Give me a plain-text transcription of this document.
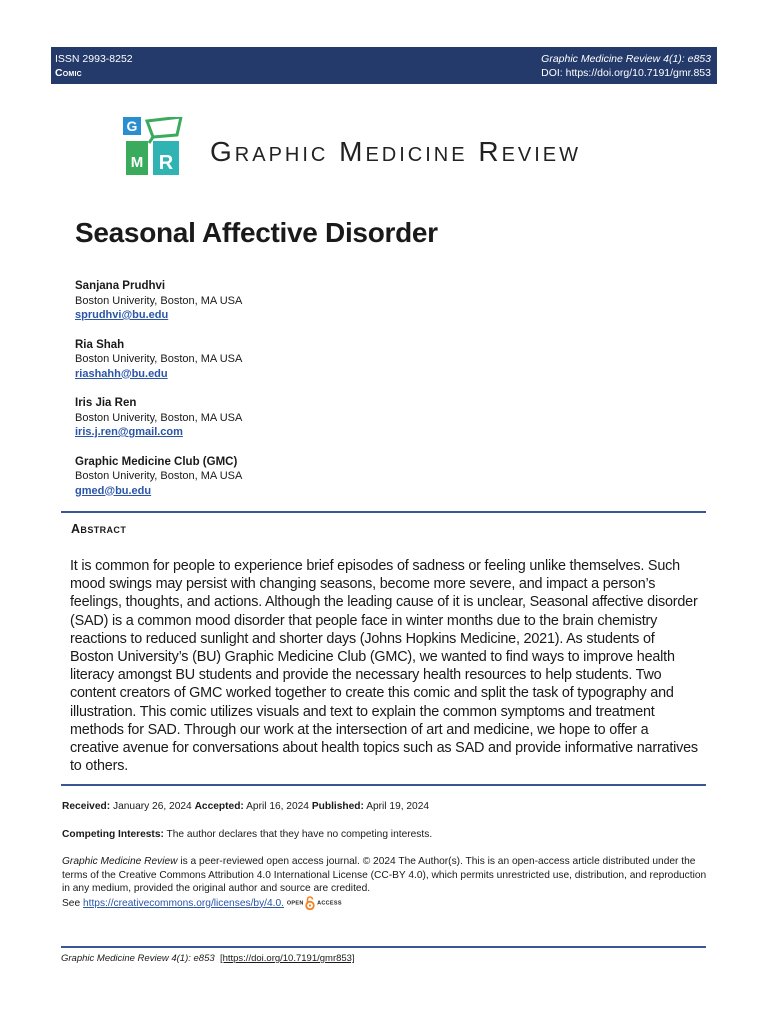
ISSN 2993-8252
Comic
Graphic Medicine Review 4(1): e853
DOI: https://doi.org/10.7191/gmr.853
G
M R Graphic Medicine Review
Seasonal Affective Disorder
Sanjana Prudhvi
Boston Univerity, Boston, MA USA
sprudhvi@bu.edu
Ria Shah
Boston Univerity, Boston, MA USA
riashahh@bu.edu
Iris Jia Ren
Boston Univerity, Boston, MA USA
iris.j.ren@gmail.com
Graphic Medicine Club (GMC)
Boston Univerity, Boston, MA USA
gmed@bu.edu
Abstract
It is common for people to experience brief episodes of sadness or feeling unlike themselves. Such mood swings may persist with changing seasons, become more severe, and impact a person’s feelings, thoughts, and actions. Although the leading cause of it is unclear, Seasonal affective disorder (SAD) is a common mood disorder that people face in winter months due to the brain chemistry reactions to reduced sunlight and shorter days (Johns Hopkins Medicine, 2021). As students of Boston University’s (BU) Graphic Medicine Club (GMC), we wanted to find ways to improve health literacy amongst BU students and provide the necessary health resources to help students. Two content creators of GMC worked together to create this comic and split the task of typography and illustration. This comic utilizes visuals and text to explain the common symptoms and treatment methods for SAD. Through our work at the intersection of art and medicine, we hope to offer a creative avenue for conversations about health topics such as SAD and provide informative narratives to others.
Received: January 26, 2024 Accepted: April 16, 2024 Published: April 19, 2024
Competing Interests: The author declares that they have no competing interests.
Graphic Medicine Review is a peer-reviewed open access journal. © 2024 The Author(s). This is an open-access article distributed under the terms of the Creative Commons Attribution 4.0 International License (CC-BY 4.0), which permits unrestricted use, distribution, and reproduction in any medium, provided the original author and source are credited.
See https://creativecommons.org/licenses/by/4.0. OPEN ACCESS
Graphic Medicine Review 4(1): e853 [https://doi.org/10.7191/gmr853]
